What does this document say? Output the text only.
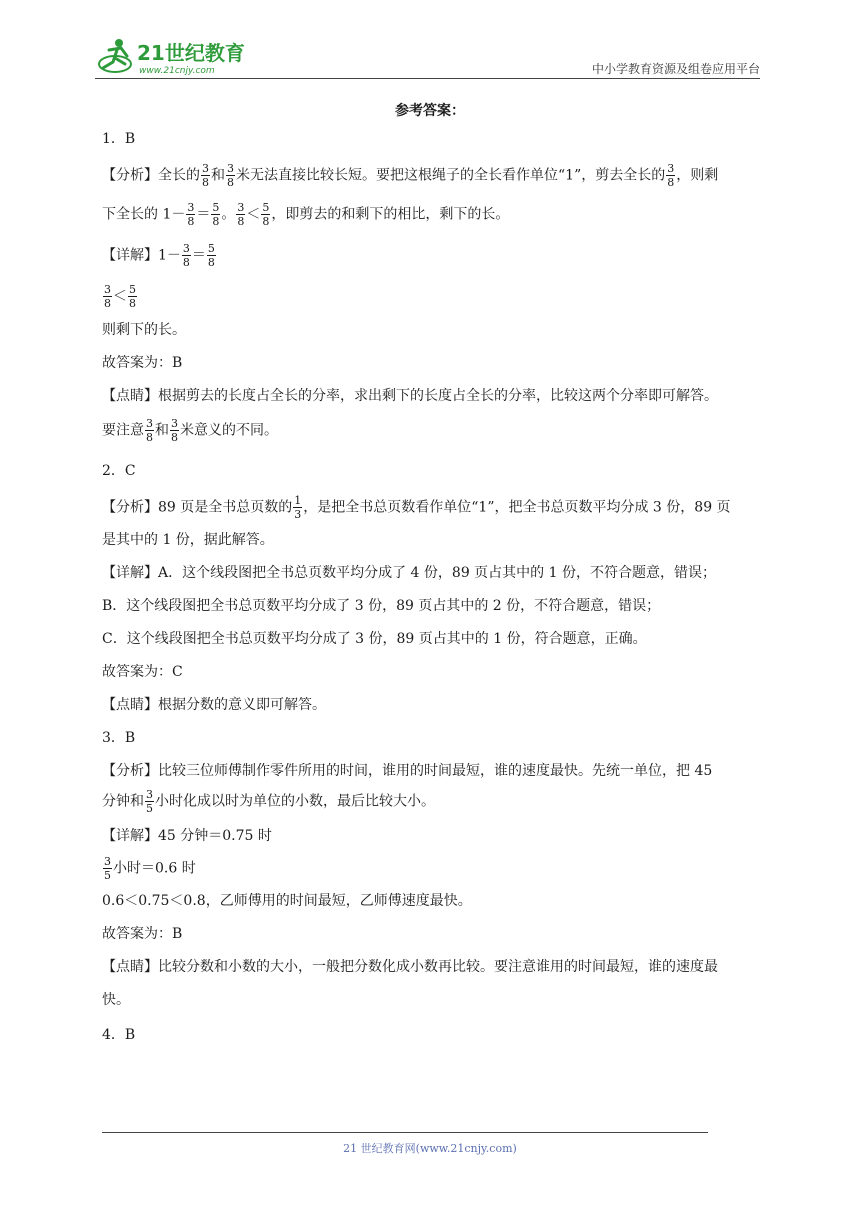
21世纪教育
www.21cnjy.com	中小学教育资源及组卷应用平台
参考答案：
1．B
【分析】全长的 $\frac{3}{8}$ 和 $\frac{3}{8}$ 米无法直接比较长短。要把这根绳子的全长看作单位“1”，剪去全长的 $\frac{3}{8}$ ，则剩
下全长的 $1- \frac{3}{8} = \frac{5}{8}$ 。 $\frac{3}{8} < \frac{5}{8}$ ，即剪去的和剩下的相比，剩下的长。
【详解】$1- \frac{3}{8} = \frac{5}{8}$
$\frac{3}{8} < \frac{5}{8}$
则剩下的长。
故答案为：B
【点睛】根据剪去的长度占全长的分率，求出剩下的长度占全长的分率，比较这两个分率即可解答。
要注意 $\frac{3}{8}$ 和 $\frac{3}{8}$ 米意义的不同。
2．C
【分析】89 页是全书总页数的 $\frac{1}{3}$ ，是把全书总页数看作单位“1”，把全书总页数平均分成 3 份，89 页
是其中的 1 份，据此解答。
【详解】A．这个线段图把全书总页数平均分成了 4 份，89 页占其中的 1 份，不符合题意，错误；
B．这个线段图把全书总页数平均分成了 3 份，89 页占其中的 2 份，不符合题意，错误；
C．这个线段图把全书总页数平均分成了 3 份，89 页占其中的 1 份，符合题意，正确。
故答案为：C
【点睛】根据分数的意义即可解答。
3．B
【分析】比较三位师傅制作零件所用的时间，谁用的时间最短，谁的速度最快。先统一单位，把 45
分钟和 $\frac{3}{5}$ 小时化成以时为单位的小数，最后比较大小。
【详解】45 分钟＝0.75 时
$\frac{3}{5}$ 小时＝0.6 时
0.6＜0.75＜0.8，乙师傅用的时间最短，乙师傅速度最快。
故答案为：B
【点睛】比较分数和小数的大小，一般把分数化成小数再比较。要注意谁用的时间最短，谁的速度最
快。
4．B
21 世纪教育网(www.21cnjy.com)
